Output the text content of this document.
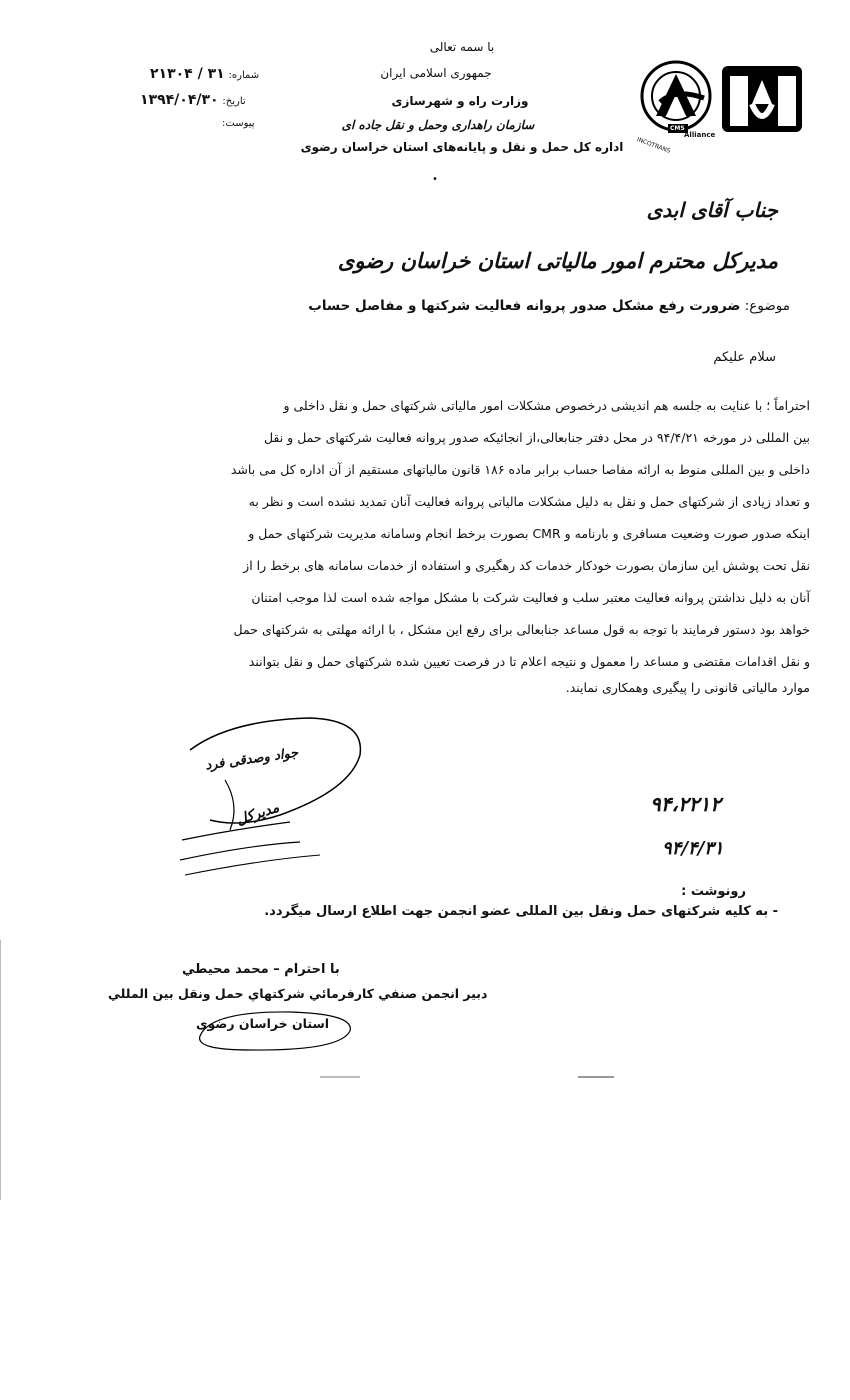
CMS
INCOTRANS
Alliance
با سمه تعالی
جمهوری اسلامی ایران
وزارت راه و شهرسازی
سازمان راهداری وحمل و نقل جاده ای
اداره کل حمل و نقل و پایانه‌های استان خراسان رضوی
شماره: ۳۱ / ۲۱۳۰۴
تاریخ: ۱۳۹۴/۰۴/۳۰
پیوست:
جناب آقای ابدی
مدیرکل محترم امور مالیاتی استان خراسان رضوی
موضوع: ضرورت رفع مشکل صدور پروانه فعالیت شرکتها و مفاصل حساب
سلام علیکم
احتراماً ؛ با عنایت به جلسه هم اندیشی درخصوص مشکلات امور مالیاتی شرکتهای حمل و نقل داخلی و
بین المللی در مورخه ۹۴/۴/۲۱ در محل دفتر جنابعالی،از انجائیکه صدور پروانه فعالیت شرکتهای حمل و نقل
داخلی و بین المللی منوط به ارائه مفاصا حساب برابر ماده ۱۸۶ قانون مالیاتهای مستقیم از آن اداره کل می باشد
و تعداد زیادی از شرکتهای حمل و نقل به دلیل مشکلات مالیاتی پروانه فعالیت آنان تمدید نشده است و نظر به
اینکه صدور صورت وضعیت مسافری و بارنامه و CMR بصورت برخط انجام وسامانه مدیریت شرکتهای حمل و
نقل تحت پوشش این سازمان بصورت خودکار خدمات کد رهگیری و استفاده از خدمات سامانه های برخط را از
آنان به دلیل نداشتن پروانه فعالیت معتبر سلب و فعالیت شرکت با مشکل مواجه شده است لذا موجب امتنان
خواهد بود دستور فرمایند با توجه به قول مساعد جنابعالی برای رفع این مشکل ، با ارائه مهلتی به شرکتهای حمل
و نقل اقدامات مقتضی و مساعد را معمول و نتیجه اعلام تا در فرصت تعیین شده شرکتهای حمل و نقل بتوانند
موارد مالیاتی قانونی را پیگیری وهمکاری نمایند.
جواد وصدقی فرد
مدیرکل	۹۴،۲۲۱۲
۹۴/۴/۳۱
رونوشت :
- به کلیه شرکتهای حمل ونقل بین المللی عضو انجمن جهت اطلاع ارسال میگردد.
با احترام – محمد محیطي
دبیر انجمن صنفي كارفرمائي شركتهاي حمل ونقل بین المللي
استان خراسان رضوی
•
